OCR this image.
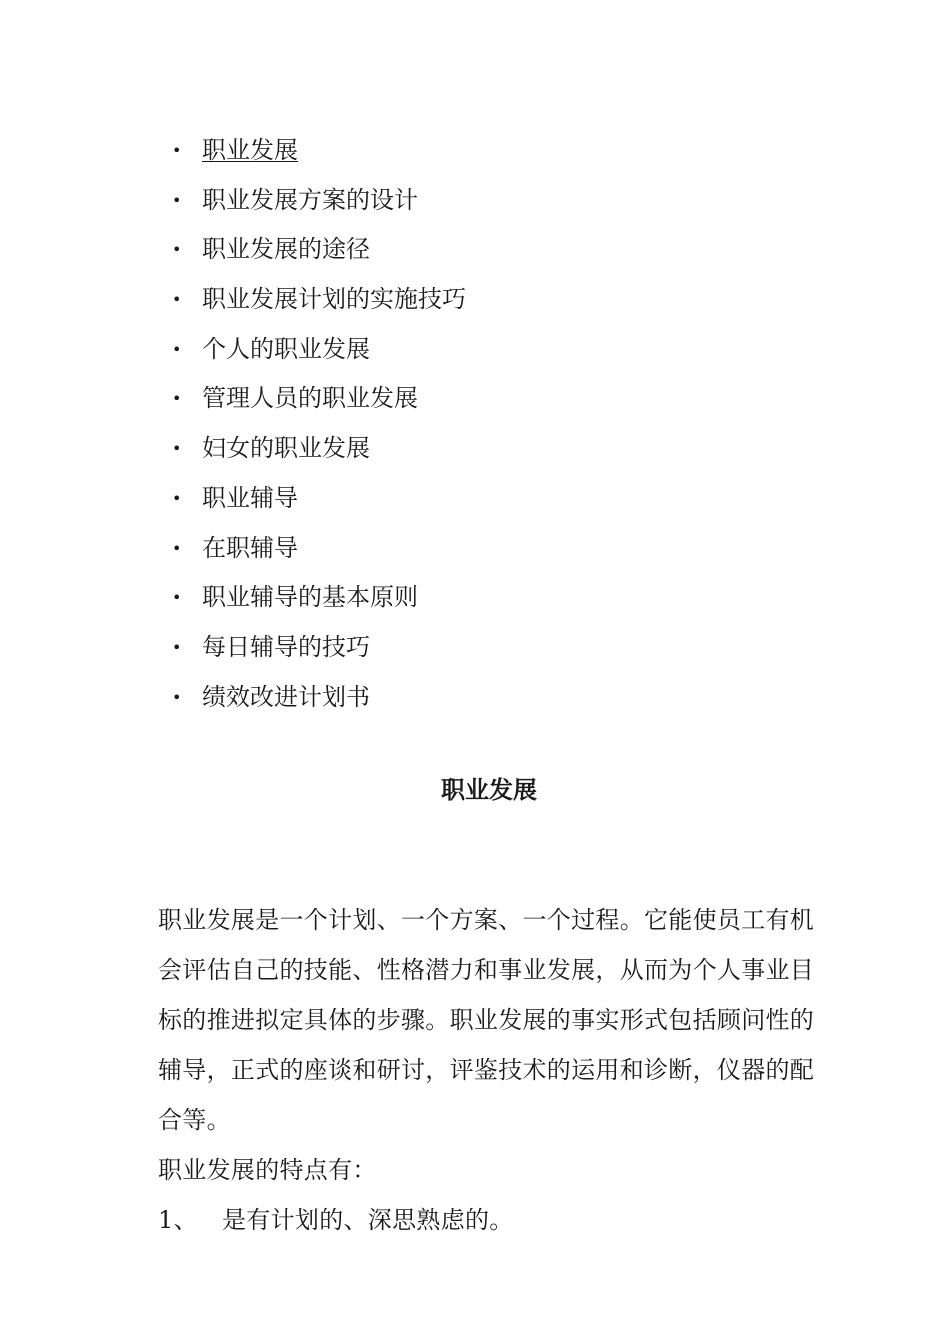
• 职业发展
• 职业发展方案的设计
• 职业发展的途径
• 职业发展计划的实施技巧
• 个人的职业发展
• 管理人员的职业发展
• 妇女的职业发展
• 职业辅导
• 在职辅导
• 职业辅导的基本原则
• 每日辅导的技巧
• 绩效改进计划书
职业发展

职业发展是一个计划、一个方案、一个过程。它能使员工有机会评估自己的技能、性格潜力和事业发展，从而为个人事业目标的推进拟定具体的步骤。职业发展的事实形式包括顾问性的辅导，正式的座谈和研讨，评鉴技术的运用和诊断，仪器的配合等。

职业发展的特点有：

1、 是有计划的、深思熟虑的。
